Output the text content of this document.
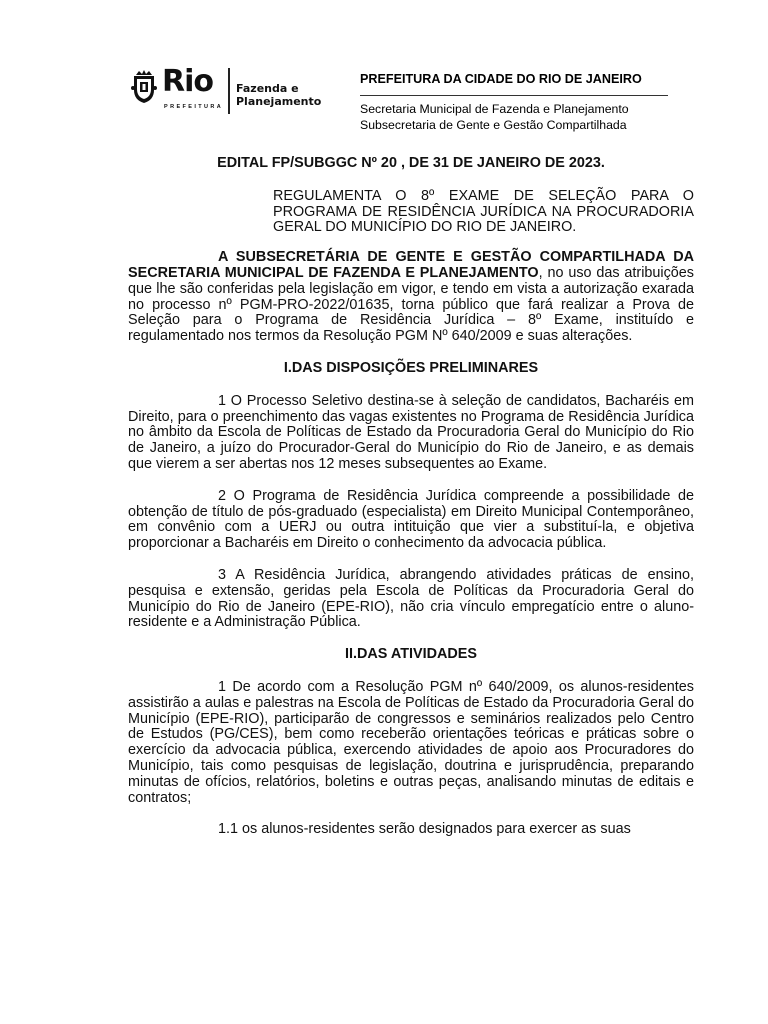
Rio
PREFEITURA
Fazenda e
Planejamento
PREFEITURA DA CIDADE DO RIO DE JANEIRO
Secretaria Municipal de Fazenda e Planejamento
Subsecretaria de Gente e Gestão Compartilhada
EDITAL FP/SUBGGC Nº 20 , DE 31 DE JANEIRO DE 2023.

REGULAMENTA O 8º EXAME DE SELEÇÃO PARA O PROGRAMA DE RESIDÊNCIA JURÍDICA NA PROCURADORIA GERAL DO MUNICÍPIO DO RIO DE JANEIRO.

A SUBSECRETÁRIA DE GENTE E GESTÃO COMPARTILHADA DA SECRETARIA MUNICIPAL DE FAZENDA E PLANEJAMENTO, no uso das atribuições que lhe são conferidas pela legislação em vigor, e tendo em vista a autorização exarada no processo nº PGM-PRO-2022/01635, torna público que fará realizar a Prova de Seleção para o Programa de Residência Jurídica – 8º Exame, instituído e regulamentado nos termos da Resolução PGM Nº 640/2009 e suas alterações.

I.DAS DISPOSIÇÕES PRELIMINARES

1 O Processo Seletivo destina-se à seleção de candidatos, Bacharéis em Direito, para o preenchimento das vagas existentes no Programa de Residência Jurídica no âmbito da Escola de Políticas de Estado da Procuradoria Geral do Município do Rio de Janeiro, a juízo do Procurador-Geral do Município do Rio de Janeiro, e as demais que vierem a ser abertas nos 12 meses subsequentes ao Exame.

2 O Programa de Residência Jurídica compreende a possibilidade de obtenção de título de pós-graduado (especialista) em Direito Municipal Contemporâneo, em convênio com a UERJ ou outra intituição que vier a substituí-la, e objetiva proporcionar a Bacharéis em Direito o conhecimento da advocacia pública.

3 A Residência Jurídica, abrangendo atividades práticas de ensino, pesquisa e extensão, geridas pela Escola de Políticas da Procuradoria Geral do Município do Rio de Janeiro (EPE-RIO), não cria vínculo empregatício entre o aluno-residente e a Administração Pública.

II.DAS ATIVIDADES

1 De acordo com a Resolução PGM nº 640/2009, os alunos-residentes assistirão a aulas e palestras na Escola de Políticas de Estado da Procuradoria Geral do Município (EPE-RIO), participarão de congressos e seminários realizados pelo Centro de Estudos (PG/CES), bem como receberão orientações teóricas e práticas sobre o exercício da advocacia pública, exercendo atividades de apoio aos Procuradores do Município, tais como pesquisas de legislação, doutrina e jurisprudência, preparando minutas de ofícios, relatórios, boletins e outras peças, analisando minutas de editais e contratos;

1.1 os alunos-residentes serão designados para exercer as suas
